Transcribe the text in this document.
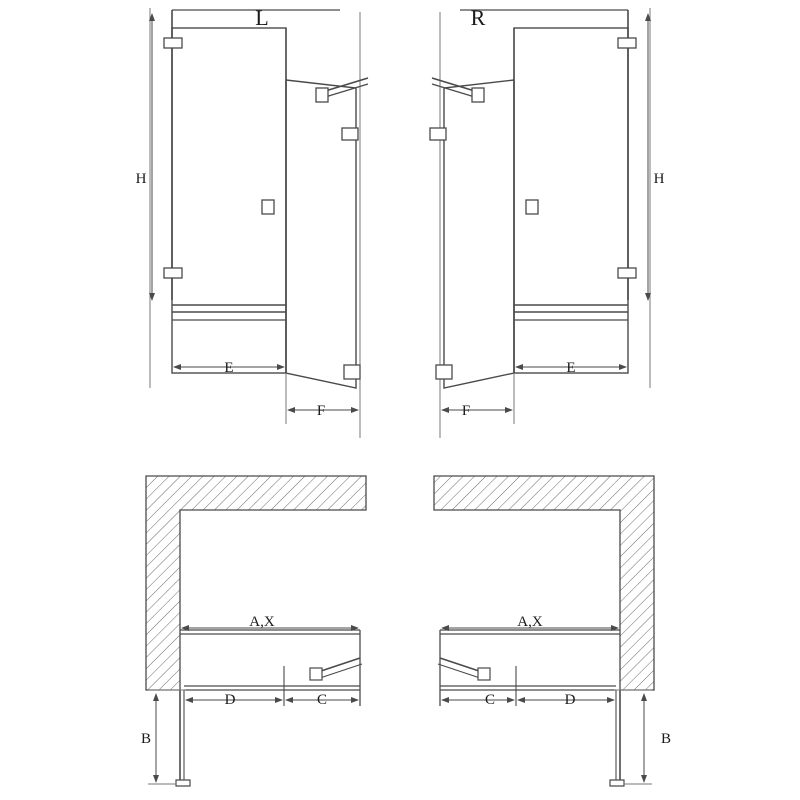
L
H
E
F
R
H
E
F
A,X
D	C
B
A,X
D
C
B
